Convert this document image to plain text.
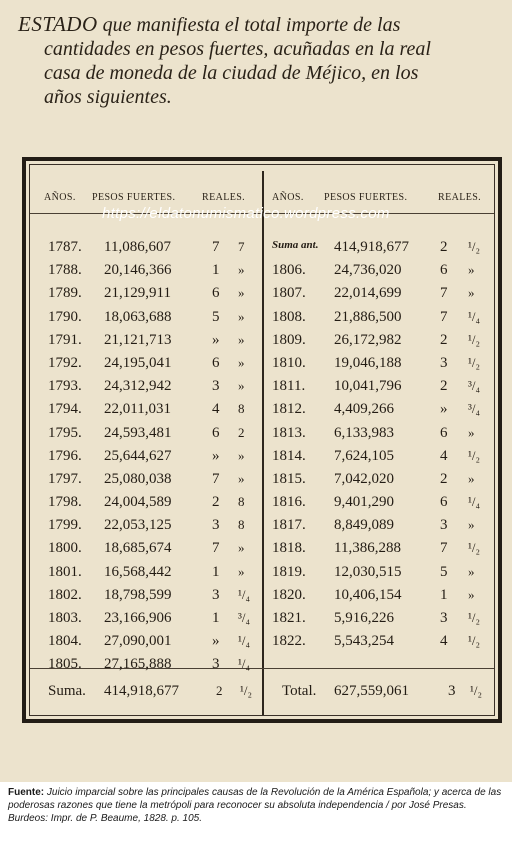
ESTADO que manifiesta el total importe de las

cantidades en pesos fuertes, acuñadas en la real

casa de moneda de la ciudad de Méjico, en los

años siguientes.

AÑOS. PESOS FUERTES.	REALES.
1787. 11,086,607	7 7
1788. 20,146,366	1 »
1789. 21,129,911	6 »
1790. 18,063,688	5 »
1791. 21,121,713	» »
1792. 24,195,041	6 »
1793. 24,312,942	3 »
1794. 22,011,031	4 8
1795. 24,593,481	6 2
1796. 25,644,627	» »
1797. 25,080,038	7 »
1798. 24,004,589	2 8
1799. 22,053,125	3 8
1800. 18,685,674	7 »
1801. 16,568,442	1 »
1802. 18,798,599	3 ¹/₄
1803. 23,166,906	1 ³/₄
1804. 27,090,001	» ¹/₄
1805. 27,165,888	3 ¹/₄
Suma. 414,918,677	2 ¹/₂
AÑOS. PESOS FUERTES.	REALES.
Suma ant. 414,918,677 2 ¹/₂
1806. 24,736,020	6 »
1807. 22,014,699	7 »
1808. 21,886,500	7 ¹/₄
1809. 26,172,982	2 ¹/₂
1810. 19,046,188	3 ¹/₂
1811. 10,041,796	2 ³/₄
1812. 4,409,266	» ³/₄
1813. 6,133,983	6 »
1814. 7,624,105	4 ¹/₂
1815. 7,042,020	2 »
1816. 9,401,290	6 ¹/₄
1817. 8,849,089	3 »
1818. 11,386,288	7 ¹/₂
1819. 12,030,515	5 »
1820. 10,406,154	1 »
1821. 5,916,226	3 ¹/₂
1822. 5,543,254	4 ¹/₂
Total. 627,559,061	3 ¹/₂
https://eldatonumismatico.wordpress.com
Fuente: Juicio imparcial sobre las principales causas de la Revolución de la América Española; y acerca de las poderosas razones que tiene la metrópoli para reconocer su absoluta independencia / por José Presas. Burdeos: Impr. de P. Beaume, 1828. p. 105.
